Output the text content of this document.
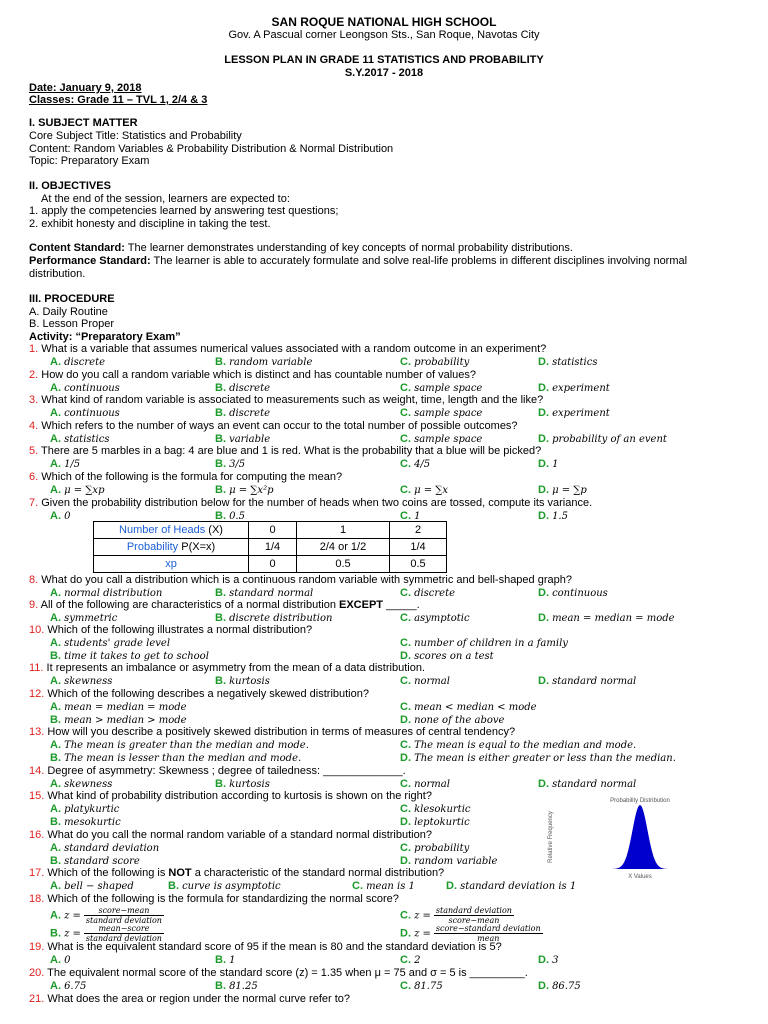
SAN ROQUE NATIONAL HIGH SCHOOL
Gov. A Pascual corner Leongson Sts., San Roque, Navotas City
LESSON PLAN IN GRADE 11 STATISTICS AND PROBABILITY
S.Y.2017 - 2018
Date: January 9, 2018
Classes: Grade 11 – TVL 1, 2/4 & 3
I. SUBJECT MATTER
Core Subject Title: Statistics and Probability
Content: Random Variables & Probability Distribution & Normal Distribution
Topic: Preparatory Exam
II. OBJECTIVES
At the end of the session, learners are expected to:
1. apply the competencies learned by answering test questions;
2. exhibit honesty and discipline in taking the test.
Content Standard: The learner demonstrates understanding of key concepts of normal probability distributions.
Performance Standard: The learner is able to accurately formulate and solve real-life problems in different disciplines involving normal
distribution.
III. PROCEDURE
A. Daily Routine
B. Lesson Proper
Activity: “Preparatory Exam”
1. What is a variable that assumes numerical values associated with a random outcome in an experiment?
A. discrete	B. random variable	C. probability	D. statistics
2. How do you call a random variable which is distinct and has countable number of values?
A. continuous	B. discrete	C. sample space	D. experiment
3. What kind of random variable is associated to measurements such as weight, time, length and the like?
A. continuous	B. discrete	C. sample space	D. experiment
4. Which refers to the number of ways an event can occur to the total number of possible outcomes?
A. statistics	B. variable	C. sample space	D. probability of an event
5. There are 5 marbles in a bag: 4 are blue and 1 is red. What is the probability that a blue will be picked?
A. 1/5	B. 3/5	C. 4/5	D. 1
6. Which of the following is the formula for computing the mean?
A. μ = ∑xp	B. μ = ∑x²p	C. μ = ∑x	D. μ = ∑p
7. Given the probability distribution below for the number of heads when two coins are tossed, compute its variance.
A. 0	B. 0.5	C. 1	D. 1.5
8. What do you call a distribution which is a continuous random variable with symmetric and bell-shaped graph?
A. normal distribution	B. standard normal	C. discrete	D. continuous
9. All of the following are characteristics of a normal distribution EXCEPT _____.
A. symmetric	B. discrete distribution	C. asymptotic	D. mean = median = mode
10. Which of the following illustrates a normal distribution?
A. students' grade level
B. time it takes to get to school
C. number of children in a family
D. scores on a test
11. It represents an imbalance or asymmetry from the mean of a data distribution.
A. skewness	B. kurtosis	C. normal	D. standard normal
12. Which of the following describes a negatively skewed distribution?
A. mean = median = mode
B. mean > median > mode
C. mean < median < mode
D. none of the above
13. How will you describe a positively skewed distribution in terms of measures of central tendency?
A. The mean is greater than the median and mode.
B. The mean is lesser than the median and mode.
C. The mean is equal to the median and mode.
D. The mean is either greater or less than the median.
14. Degree of asymmetry: Skewness ; degree of tailedness: _____________.
A. skewness	B. kurtosis	C. normal	D. standard normal
15. What kind of probability distribution according to kurtosis is shown on the right?
A. platykurtic
B. mesokurtic
C. klesokurtic
D. leptokurtic
16. What do you call the normal random variable of a standard normal distribution?
A. standard deviation
B. standard score
C. probability
D. random variable
17. Which of the following is NOT a characteristic of the standard normal distribution?
A. bell − shaped	B. curve is asymptotic	C. mean is 1	D. standard deviation is 1
18. Which of the following is the formula for standardizing the normal score?
A. $z = \frac{\text{score−mean}}{\text{standard deviation}}$
B. $z = \frac{\text{mean−score}}{\text{standard deviation}}$
C. $z = \frac{\text{standard deviation}}{\text{score−mean}}$
D. $z = \frac{\text{score−standard deviation}}{\text{mean}}$
19. What is the equivalent standard score of 95 if the mean is 80 and the standard deviation is 5?
A. 0	B. 1	C. 2	D. 3
20. The equivalent normal score of the standard score (z) = 1.35 when μ = 75 and σ = 5 is _________.
A. 6.75	B. 81.25	C. 81.75	D. 86.75
21. What does the area or region under the normal curve refer to?
Number of Heads (X)	0	1	2
Probability P(X=x)	1/4	2/4 or 1/2	1/4
xp	0	0.5	0.5
Probability Distribution
X Values
Relative Frequency
